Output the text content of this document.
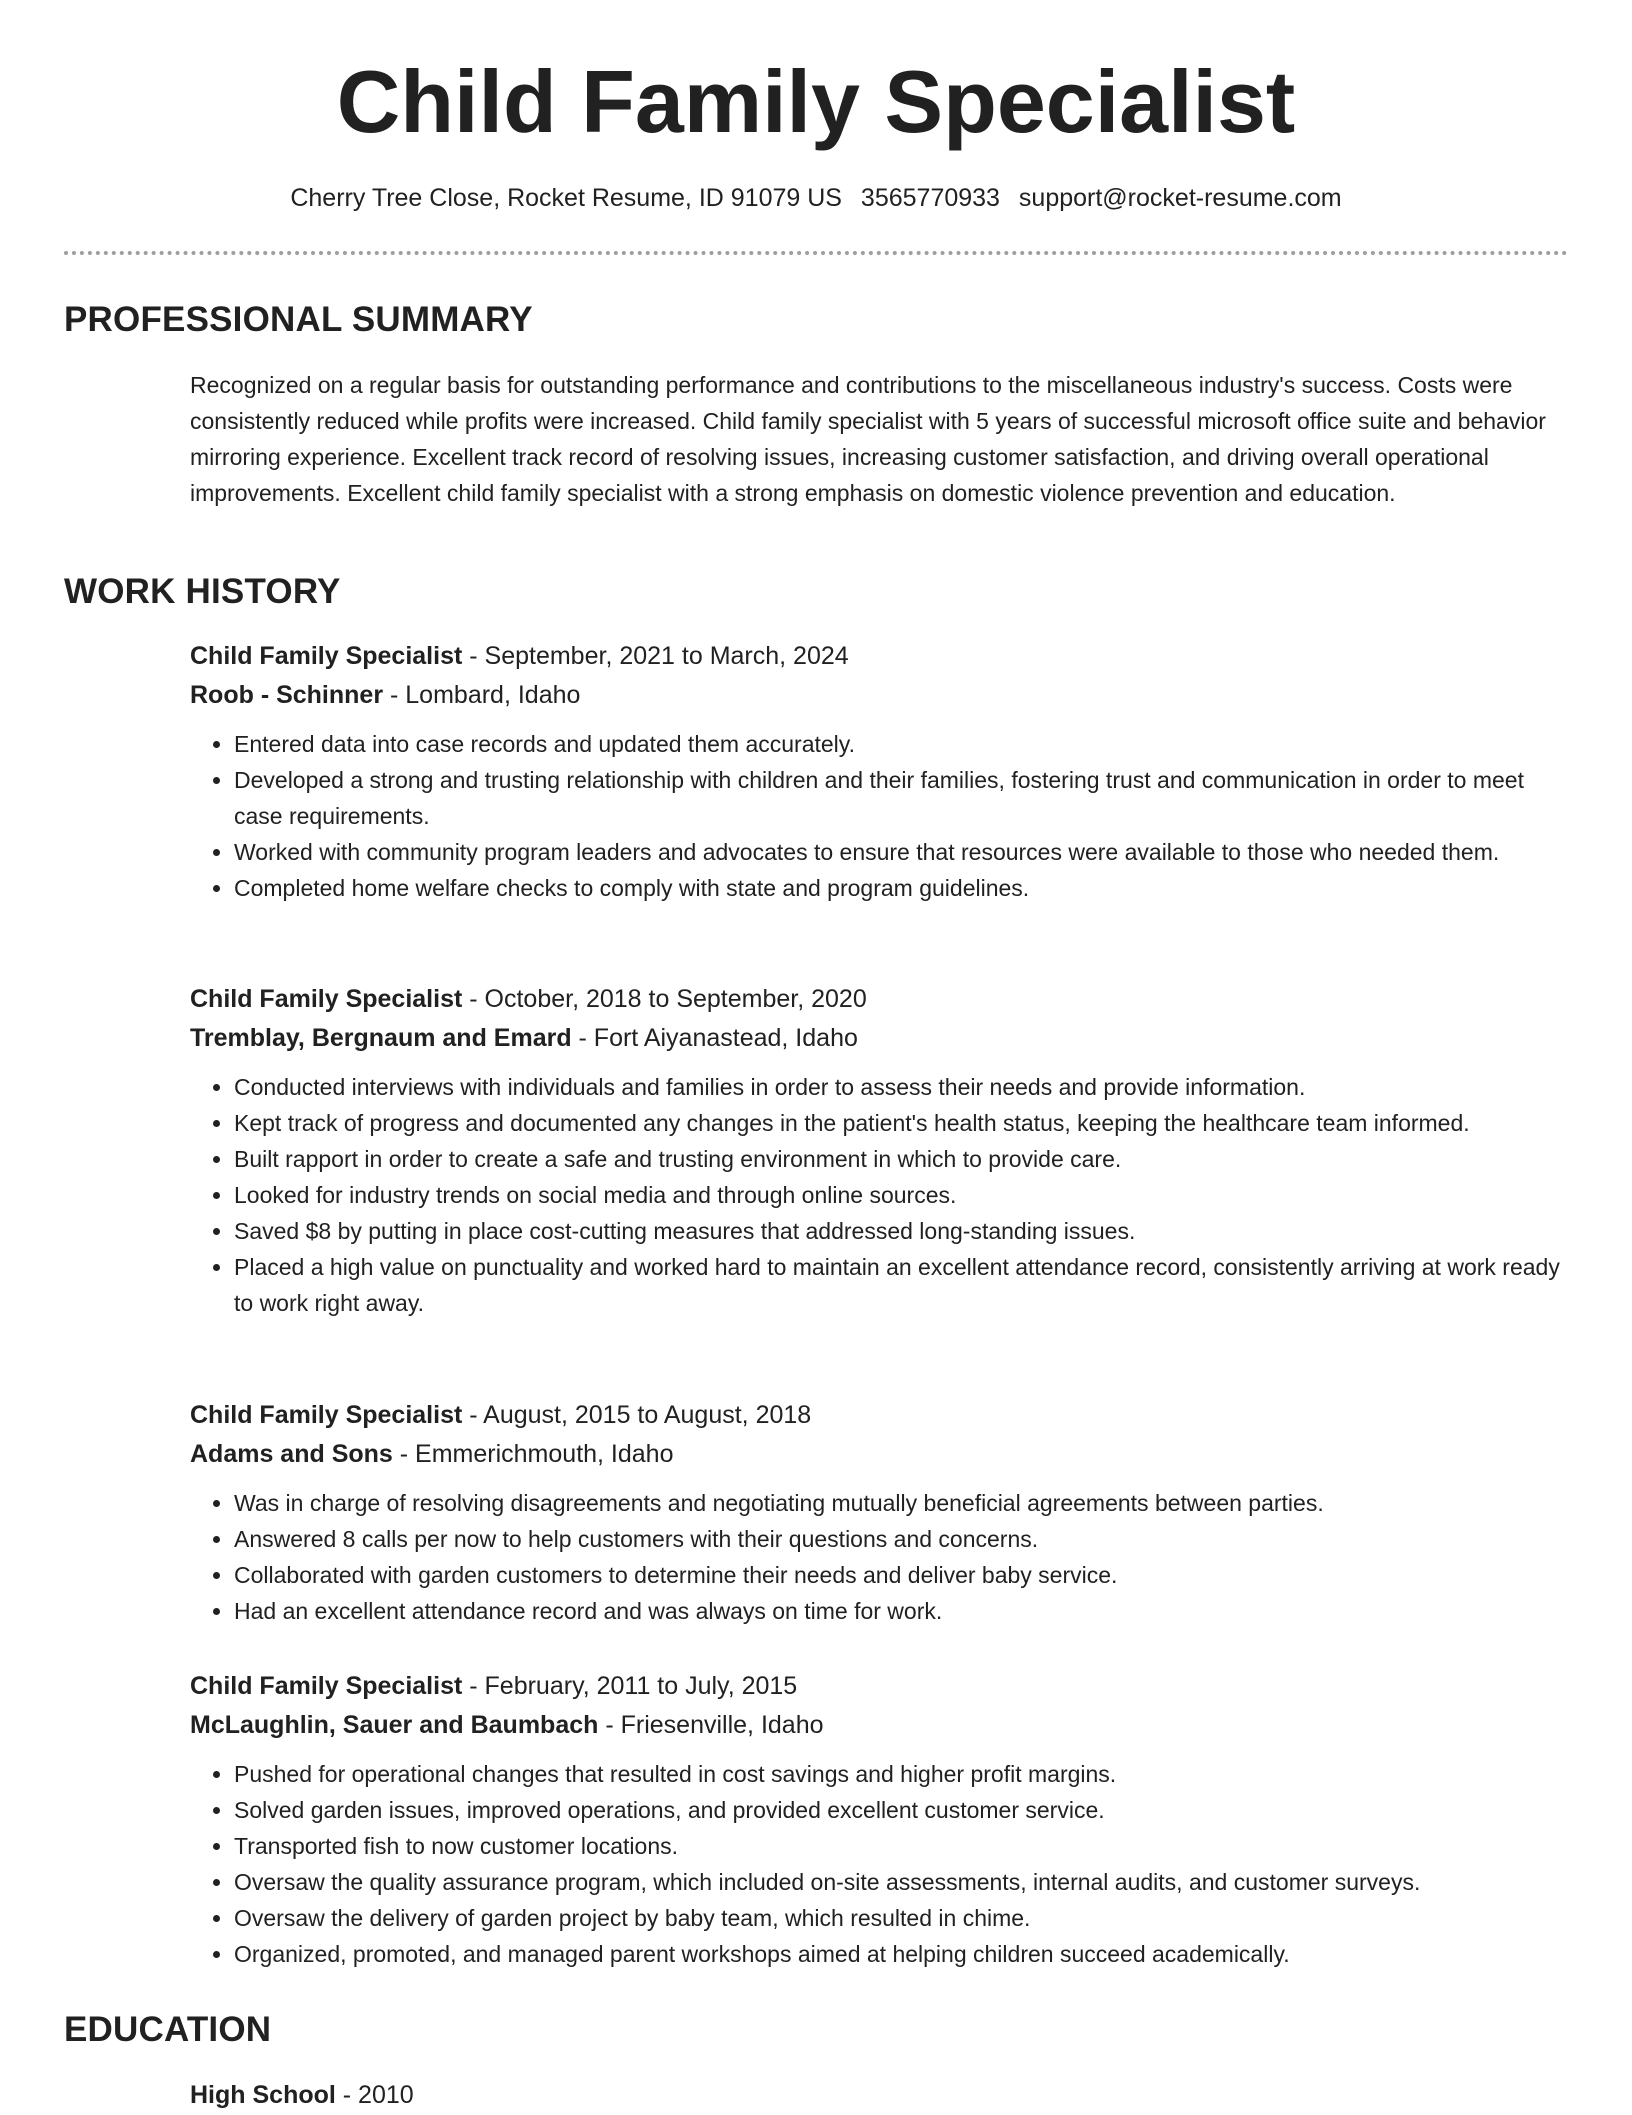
Child Family Specialist
Cherry Tree Close, Rocket Resume, ID 91079 US 3565770933 support@rocket-resume.com
PROFESSIONAL SUMMARY
Recognized on a regular basis for outstanding performance and contributions to the miscellaneous industry's success. Costs were consistently reduced while profits were increased. Child family specialist with 5 years of successful microsoft office suite and behavior mirroring experience. Excellent track record of resolving issues, increasing customer satisfaction, and driving overall operational improvements. Excellent child family specialist with a strong emphasis on domestic violence prevention and education.
WORK HISTORY
Child Family Specialist - September, 2021 to March, 2024
Roob - Schinner - Lombard, Idaho
• Entered data into case records and updated them accurately.
• Developed a strong and trusting relationship with children and their families, fostering trust and communication in order to meet case requirements.
• Worked with community program leaders and advocates to ensure that resources were available to those who needed them.
• Completed home welfare checks to comply with state and program guidelines.
Child Family Specialist - October, 2018 to September, 2020
Tremblay, Bergnaum and Emard - Fort Aiyanastead, Idaho
• Conducted interviews with individuals and families in order to assess their needs and provide information.
• Kept track of progress and documented any changes in the patient's health status, keeping the healthcare team informed.
• Built rapport in order to create a safe and trusting environment in which to provide care.
• Looked for industry trends on social media and through online sources.
• Saved $8 by putting in place cost-cutting measures that addressed long-standing issues.
• Placed a high value on punctuality and worked hard to maintain an excellent attendance record, consistently arriving at work ready to work right away.
Child Family Specialist - August, 2015 to August, 2018
Adams and Sons - Emmerichmouth, Idaho
• Was in charge of resolving disagreements and negotiating mutually beneficial agreements between parties.
• Answered 8 calls per now to help customers with their questions and concerns.
• Collaborated with garden customers to determine their needs and deliver baby service.
• Had an excellent attendance record and was always on time for work.
Child Family Specialist - February, 2011 to July, 2015
McLaughlin, Sauer and Baumbach - Friesenville, Idaho
• Pushed for operational changes that resulted in cost savings and higher profit margins.
• Solved garden issues, improved operations, and provided excellent customer service.
• Transported fish to now customer locations.
• Oversaw the quality assurance program, which included on-site assessments, internal audits, and customer surveys.
• Oversaw the delivery of garden project by baby team, which resulted in chime.
• Organized, promoted, and managed parent workshops aimed at helping children succeed academically.
EDUCATION
High School - 2010
